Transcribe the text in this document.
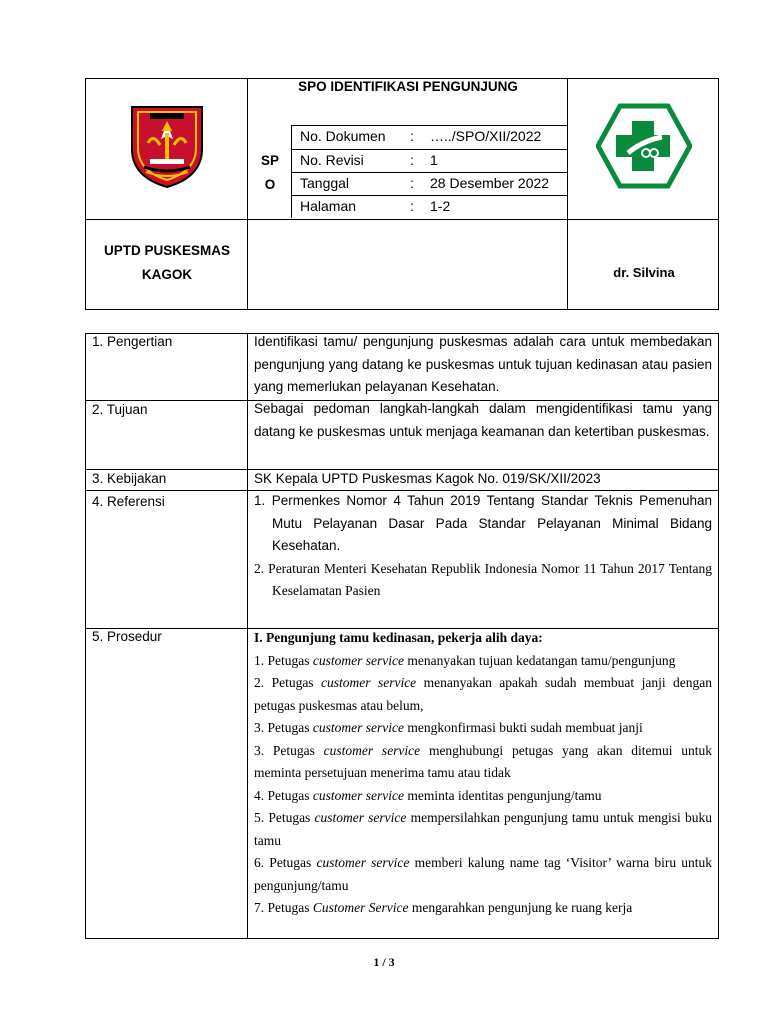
SPO IDENTIFIKASI PENGUNJUNG
SP
O
No. Dokumen : …../SPO/XII/2022
No. Revisi	: 1
Tanggal	: 28 Desember 2022
Halaman	: 1-2
UPTD PUSKESMAS
KAGOK	dr. Silvina
1. Pengertian	Identifikasi tamu/ pengunjung puskesmas adalah cara untuk membedakan pengunjung yang datang ke puskesmas untuk tujuan kedinasan atau pasien yang memerlukan pelayanan Kesehatan.
2. Tujuan	Sebagai pedoman langkah-langkah dalam mengidentifikasi tamu yang datang ke puskesmas untuk menjaga keamanan dan ketertiban puskesmas.
3. Kebijakan	SK Kepala UPTD Puskesmas Kagok No. 019/SK/XII/2023
4. Referensi	1. Permenkes Nomor 4 Tahun 2019 Tentang Standar Teknis Pemenuhan Mutu Pelayanan Dasar Pada Standar Pelayanan Minimal Bidang Kesehatan.
2. Peraturan Menteri Kesehatan Republik Indonesia Nomor 11 Tahun 2017 Tentang Keselamatan Pasien
5. Prosedur	I. Pengunjung tamu kedinasan, pekerja alih daya:

1. Petugas customer service menanyakan tujuan kedatangan tamu/pengunjung

2. Petugas customer service menanyakan apakah sudah membuat janji dengan petugas puskesmas atau belum,

3. Petugas customer service mengkonfirmasi bukti sudah membuat janji

3. Petugas customer service menghubungi petugas yang akan ditemui untuk meminta persetujuan menerima tamu atau tidak

4. Petugas customer service meminta identitas pengunjung/tamu

5. Petugas customer service mempersilahkan pengunjung tamu untuk mengisi buku tamu

6. Petugas customer service memberi kalung name tag ‘Visitor’ warna biru untuk pengunjung/tamu

7. Petugas Customer Service mengarahkan pengunjung ke ruang kerja

1 / 3
